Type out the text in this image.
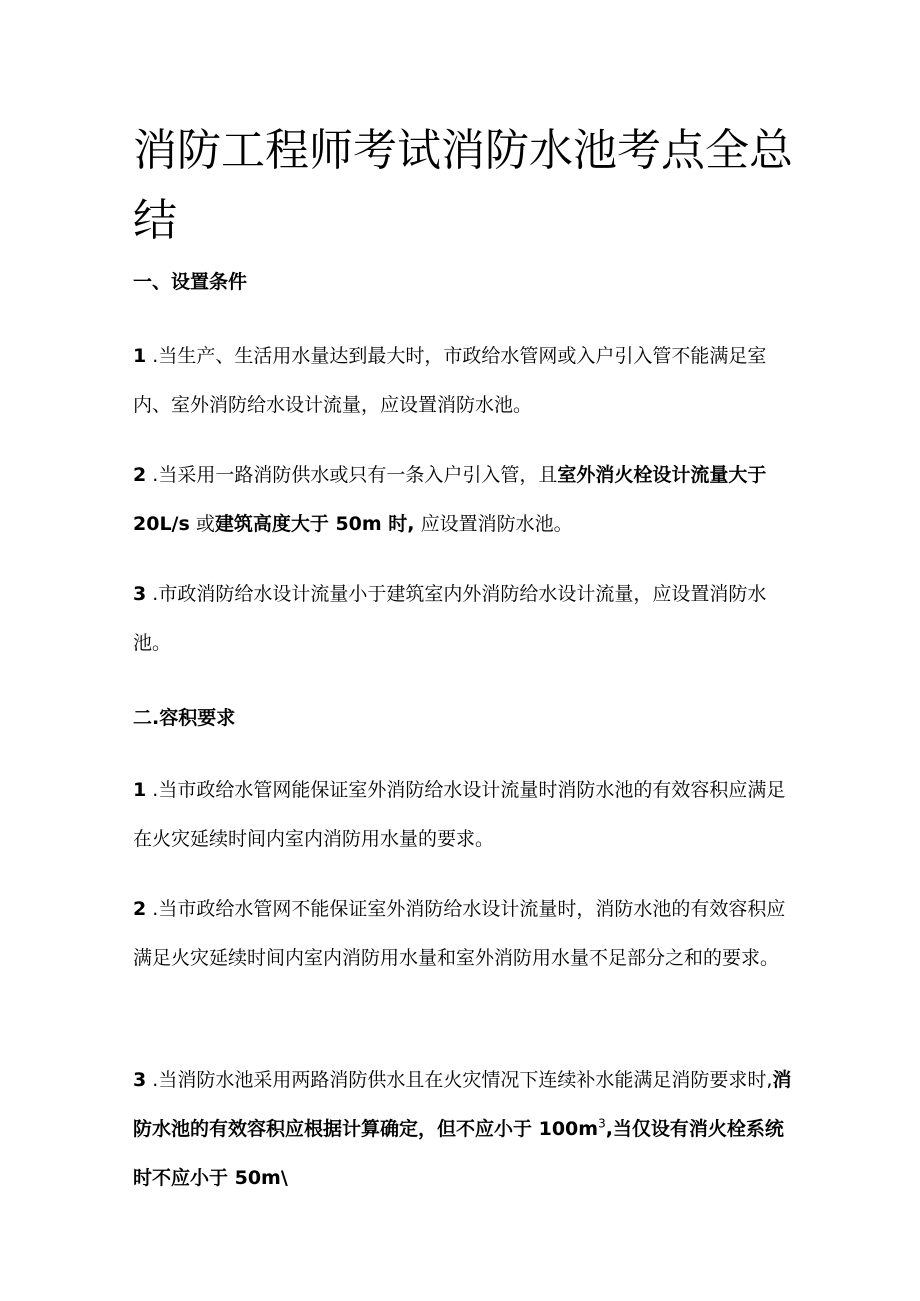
消防工程师考试消防水池考点全总结
一、设置条件
1 .当生产、生活用水量达到最大时，市政给水管网或入户引入管不能满足室内、室外消防给水设计流量，应设置消防水池。
2 .当采用一路消防供水或只有一条入户引入管，且室外消火栓设计流量大于 20L/s 或建筑高度大于 50m 时, 应设置消防水池。
3 .市政消防给水设计流量小于建筑室内外消防给水设计流量，应设置消防水池。
二.容积要求
1 .当市政给水管网能保证室外消防给水设计流量时消防水池的有效容积应满足在火灾延续时间内室内消防用水量的要求。
2 .当市政给水管网不能保证室外消防给水设计流量时，消防水池的有效容积应满足火灾延续时间内室内消防用水量和室外消防用水量不足部分之和的要求。
3 .当消防水池采用两路消防供水且在火灾情况下连续补水能满足消防要求时,消防水池的有效容积应根据计算确定，但不应小于 $100m^3$,当仅设有消火栓系统时不应小于 50m\
